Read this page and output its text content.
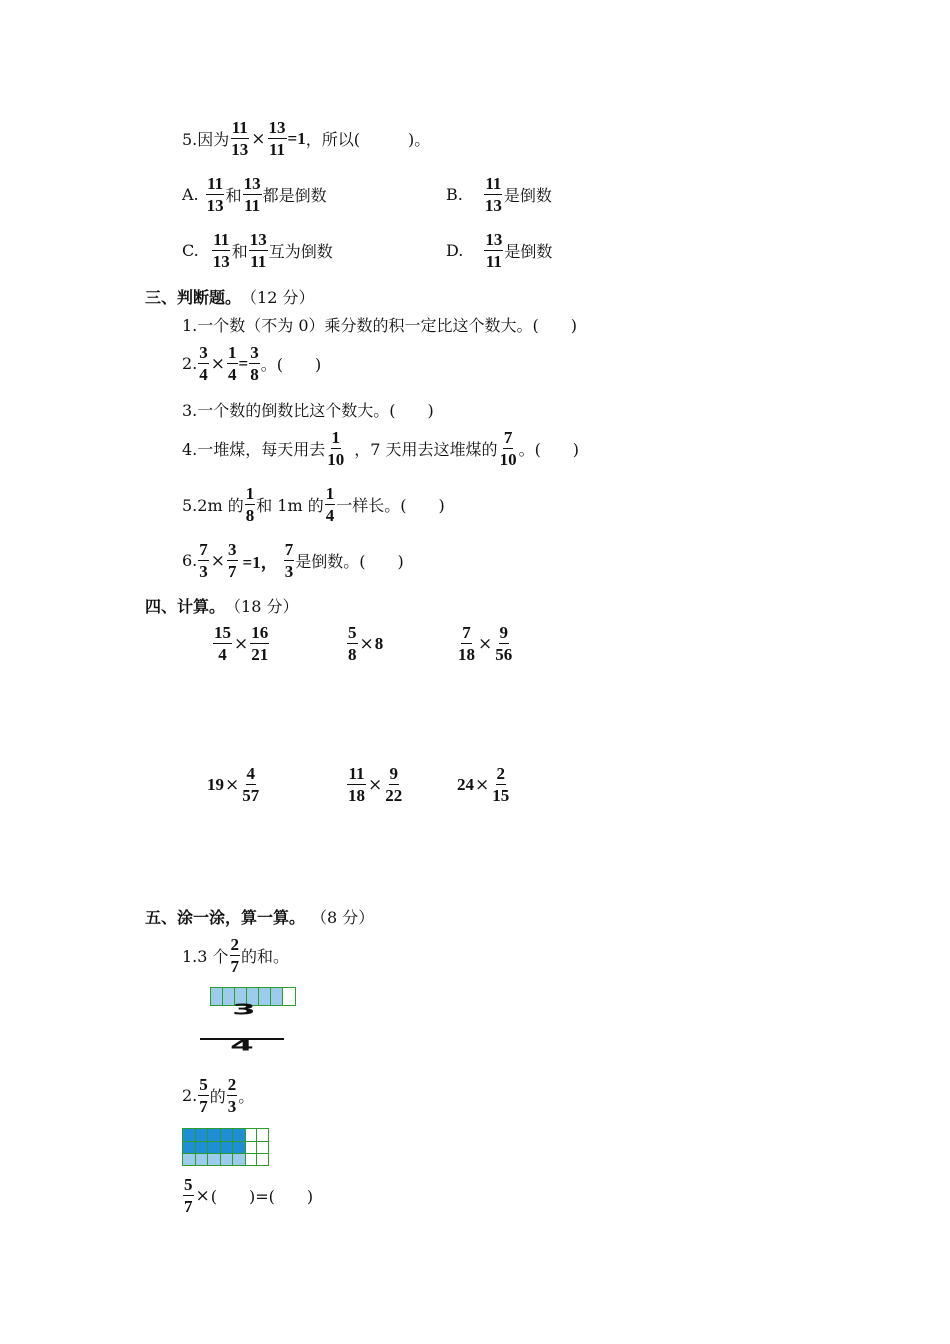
5.因为 $\frac{11}{13} \times \frac{13}{11} =1$ ，所以(　　　)。
A.
11
13
和
13
11
都是倒数	B.
11
13
是倒数
C.
11
13
和
13
11
互为倒数	D.
13
11
是倒数
三、判断题。 （12 分）
1.一个数（不为 0）乘分数的积一定比这个数大。(　　)
2. $\frac{3}{4} \times \frac{1}{4} = \frac{3}{8}$ 。(　　)
3.一个数的倒数比这个数大。(　　)
4.一堆煤，每天用去
1
10
，7 天用去这堆煤的
7
10
。(　　)
5.2m 的
1
8
和 1m 的
1
4
一样长。(　　)
6. $\frac{7}{3} \times \frac{3}{7} =1$，
7
3
是倒数。(　　)
四、计算。 （18 分）
$\frac{15}{4} \times \frac{16}{21}$	$\frac{5}{8} \times 8$	$\frac{7}{18} \times \frac{9}{56}$
$19 \times \frac{4}{57}$	$\frac{11}{18} \times \frac{9}{22}$	$24 \times \frac{2}{15}$
五、涂一涂，算一算。 （8 分）
1.3 个
2
7
的和。
3
4
2.
5
7
的
2
3
。
$\frac{5}{7}$ × (　　)=(　　)
